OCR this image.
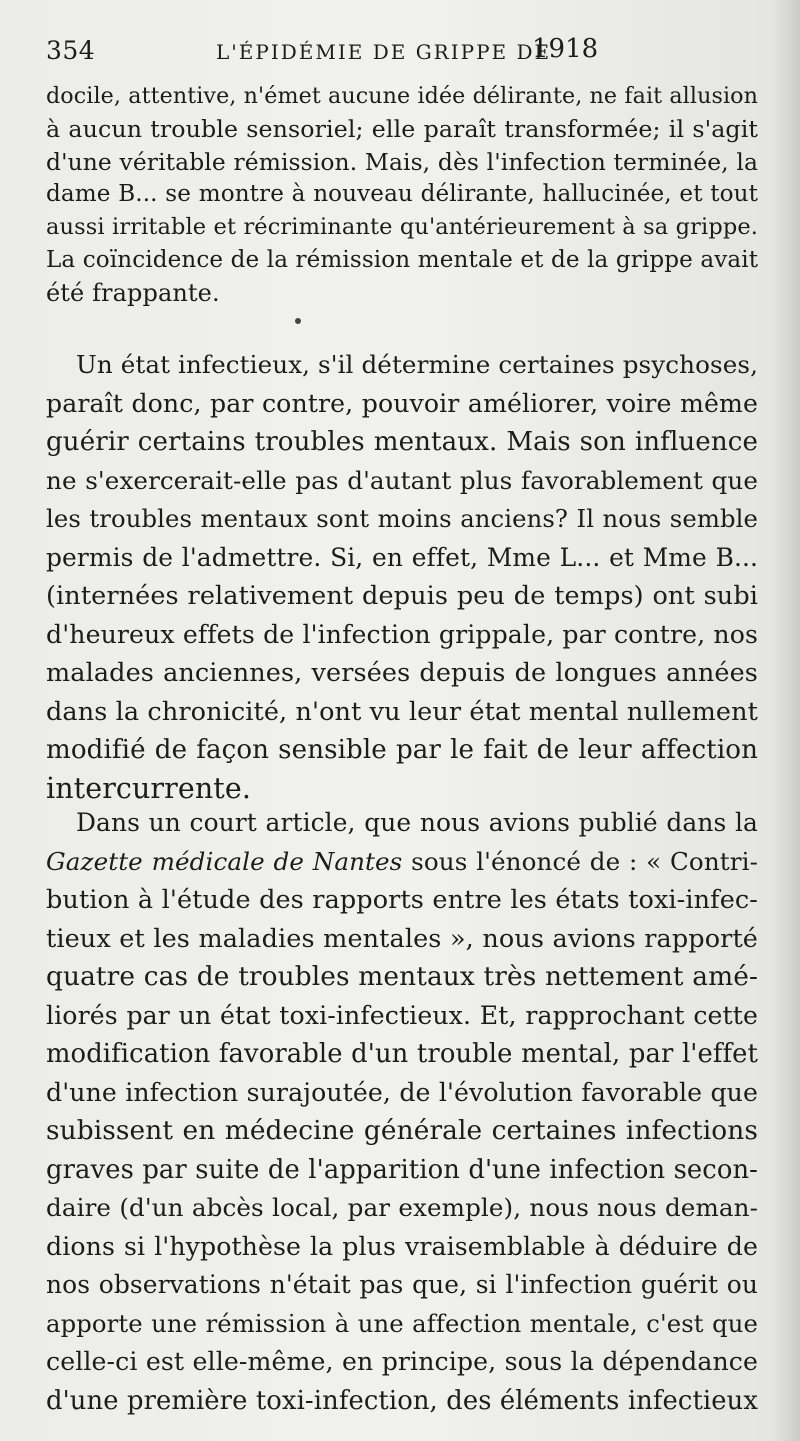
354	L'ÉPIDÉMIE DE GRIPPE DE
1918
docile, attentive, n'émet aucune idée délirante, ne fait allusion
à aucun trouble sensoriel; elle paraît transformée; il s'agit
d'une véritable rémission. Mais, dès l'infection terminée, la
dame B... se montre à nouveau délirante, hallucinée, et tout
aussi irritable et récriminante qu'antérieurement à sa grippe.
La coïncidence de la rémission mentale et de la grippe avait
été frappante.
Un état infectieux, s'il détermine certaines psychoses,
paraît donc, par contre, pouvoir améliorer, voire même
guérir certains troubles mentaux. Mais son influence
ne s'exercerait-elle pas d'autant plus favorablement que
les troubles mentaux sont moins anciens? Il nous semble
permis de l'admettre. Si, en effet, Mme L... et Mme B...
(internées relativement depuis peu de temps) ont subi
d'heureux effets de l'infection grippale, par contre, nos
malades anciennes, versées depuis de longues années
dans la chronicité, n'ont vu leur état mental nullement
modifié de façon sensible par le fait de leur affection
intercurrente.
Dans un court article, que nous avions publié dans la
Gazette médicale de Nantes sous l'énoncé de : « Contri-
bution à l'étude des rapports entre les états toxi-infec-
tieux et les maladies mentales », nous avions rapporté
quatre cas de troubles mentaux très nettement amé-
liorés par un état toxi-infectieux. Et, rapprochant cette
modification favorable d'un trouble mental, par l'effet
d'une infection surajoutée, de l'évolution favorable que
subissent en médecine générale certaines infections
graves par suite de l'apparition d'une infection secon-
daire (d'un abcès local, par exemple), nous nous deman-
dions si l'hypothèse la plus vraisemblable à déduire de
nos observations n'était pas que, si l'infection guérit ou
apporte une rémission à une affection mentale, c'est que
celle-ci est elle-même, en principe, sous la dépendance
d'une première toxi-infection, des éléments infectieux
